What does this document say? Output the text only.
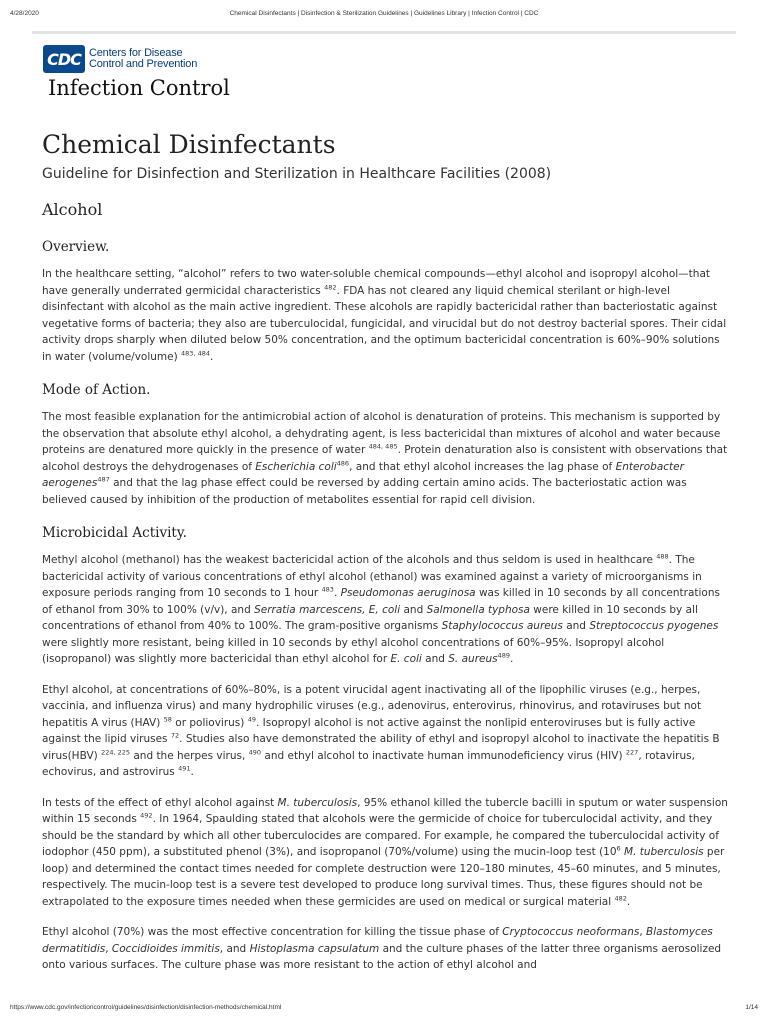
4/28/2020	Chemical Disinfectants | Disinfection & Sterilization Guidelines | Guidelines Library | Infection Control | CDC
CDC Centers for Disease
Control and Prevention
Infection Control
Chemical Disinfectants
Guideline for Disinfection and Sterilization in Healthcare Facilities (2008)
Alcohol
Overview.

In the healthcare setting, “alcohol” refers to two water-soluble chemical compounds—ethyl alcohol and isopropyl alcohol—that have generally underrated germicidal characteristics $^{482}$. FDA has not cleared any liquid chemical sterilant or high-level disinfectant with alcohol as the main active ingredient. These alcohols are rapidly bactericidal rather than bacteriostatic against vegetative forms of bacteria; they also are tuberculocidal, fungicidal, and virucidal but do not destroy bacterial spores. Their cidal activity drops sharply when diluted below 50% concentration, and the optimum bactericidal concentration is 60%–90% solutions in water (volume/volume) $^{483, 484}$.

Mode of Action.

The most feasible explanation for the antimicrobial action of alcohol is denaturation of proteins. This mechanism is supported by the observation that absolute ethyl alcohol, a dehydrating agent, is less bactericidal than mixtures of alcohol and water because proteins are denatured more quickly in the presence of water $^{484, 485}$. Protein denaturation also is consistent with observations that alcohol destroys the dehydrogenases of Escherichia coli$^{486}$, and that ethyl alcohol increases the lag phase of Enterobacter aerogenes$^{487}$ and that the lag phase effect could be reversed by adding certain amino acids. The bacteriostatic action was believed caused by inhibition of the production of metabolites essential for rapid cell division.

Microbicidal Activity.

Methyl alcohol (methanol) has the weakest bactericidal action of the alcohols and thus seldom is used in healthcare $^{488}$. The bactericidal activity of various concentrations of ethyl alcohol (ethanol) was examined against a variety of microorganisms in exposure periods ranging from 10 seconds to 1 hour $^{483}$. Pseudomonas aeruginosa was killed in 10 seconds by all concentrations of ethanol from 30% to 100% (v/v), and Serratia marcescens, E, coli and Salmonella typhosa were killed in 10 seconds by all concentrations of ethanol from 40% to 100%. The gram-positive organisms Staphylococcus aureus and Streptococcus pyogenes were slightly more resistant, being killed in 10 seconds by ethyl alcohol concentrations of 60%–95%. Isopropyl alcohol (isopropanol) was slightly more bactericidal than ethyl alcohol for E. coli and S. aureus$^{489}$.

Ethyl alcohol, at concentrations of 60%–80%, is a potent virucidal agent inactivating all of the lipophilic viruses (e.g., herpes, vaccinia, and influenza virus) and many hydrophilic viruses (e.g., adenovirus, enterovirus, rhinovirus, and rotaviruses but not hepatitis A virus (HAV) $^{58}$ or poliovirus) $^{49}$. Isopropyl alcohol is not active against the nonlipid enteroviruses but is fully active against the lipid viruses $^{72}$. Studies also have demonstrated the ability of ethyl and isopropyl alcohol to inactivate the hepatitis B virus(HBV) $^{224, 225}$ and the herpes virus, $^{490}$ and ethyl alcohol to inactivate human immunodeficiency virus (HIV) $^{227}$, rotavirus, echovirus, and astrovirus $^{491}$.

In tests of the effect of ethyl alcohol against M. tuberculosis, 95% ethanol killed the tubercle bacilli in sputum or water suspension within 15 seconds $^{492}$. In 1964, Spaulding stated that alcohols were the germicide of choice for tuberculocidal activity, and they should be the standard by which all other tuberculocides are compared. For example, he compared the tuberculocidal activity of iodophor (450 ppm), a substituted phenol (3%), and isopropanol (70%/volume) using the mucin-loop test ($10^6$ M. tuberculosis per loop) and determined the contact times needed for complete destruction were 120–180 minutes, 45–60 minutes, and 5 minutes, respectively. The mucin-loop test is a severe test developed to produce long survival times. Thus, these figures should not be extrapolated to the exposure times needed when these germicides are used on medical or surgical material $^{482}$.

Ethyl alcohol (70%) was the most effective concentration for killing the tissue phase of Cryptococcus neoformans, Blastomyces dermatitidis, Coccidioides immitis, and Histoplasma capsulatum and the culture phases of the latter three organisms aerosolized onto various surfaces. The culture phase was more resistant to the action of ethyl alcohol and

https://www.cdc.gov/infectioncontrol/guidelines/disinfection/disinfection-methods/chemical.html	1/14
